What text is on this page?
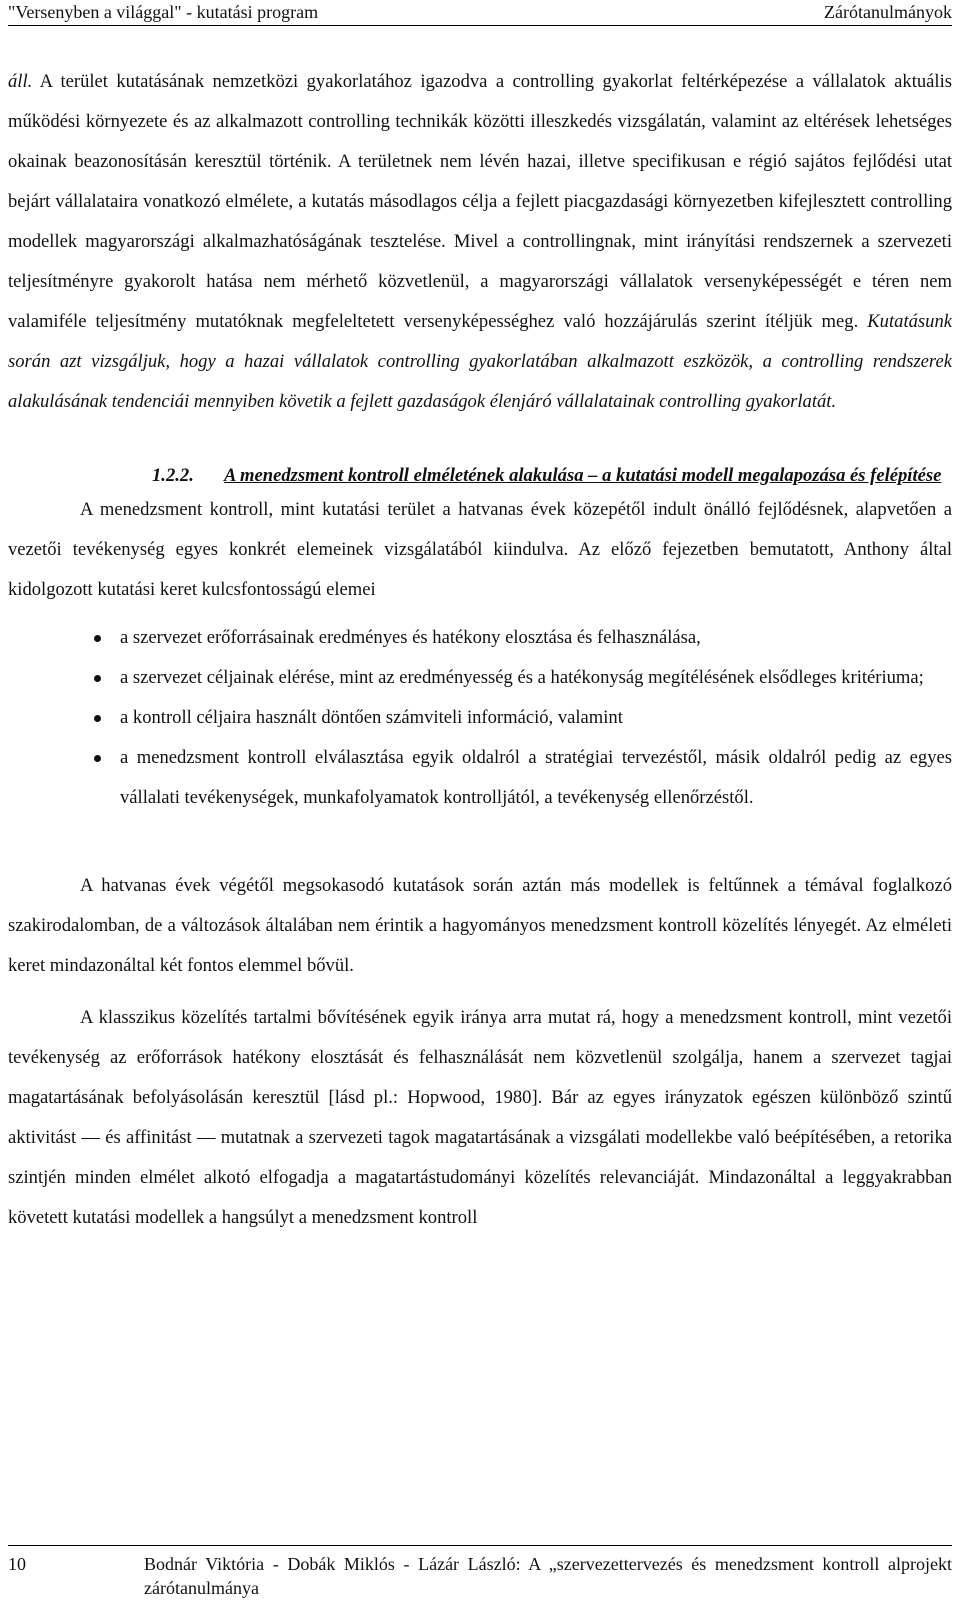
"Versenyben a világgal" - kutatási program	Zárótanulmányok

áll. A terület kutatásának nemzetközi gyakorlatához igazodva a controlling gyakorlat feltérképezése a vállalatok aktuális működési környezete és az alkalmazott controlling technikák közötti illeszkedés vizsgálatán, valamint az eltérések lehetséges okainak beazonosításán keresztül történik. A területnek nem lévén hazai, illetve specifikusan e régió sajátos fejlődési utat bejárt vállalataira vonatkozó elmélete, a kutatás másodlagos célja a fejlett piacgazdasági környezetben kifejlesztett controlling modellek magyarországi alkalmazhatóságának tesztelése. Mivel a controllingnak, mint irányítási rendszernek a szervezeti teljesítményre gyakorolt hatása nem mérhető közvetlenül, a magyarországi vállalatok versenyképességét e téren nem valamiféle teljesítmény mutatóknak megfeleltetett versenyképességhez való hozzájárulás szerint ítéljük meg. Kutatásunk során azt vizsgáljuk, hogy a hazai vállalatok controlling gyakorlatában alkalmazott eszközök, a controlling rendszerek alakulásának tendenciái mennyiben követik a fejlett gazdaságok élenjáró vállalatainak controlling gyakorlatát.

1.2.2. A menedzsment kontroll elméletének alakulása – a kutatási modell megalapozása és felépítése

A menedzsment kontroll, mint kutatási terület a hatvanas évek közepétől indult önálló fejlődésnek, alapvetően a vezetői tevékenység egyes konkrét elemeinek vizsgálatából kiindulva. Az előző fejezetben bemutatott, Anthony által kidolgozott kutatási keret kulcsfontosságú elemei

a szervezet erőforrásainak eredményes és hatékony elosztása és felhasználása,
a szervezet céljainak elérése, mint az eredményesség és a hatékonyság megítélésének elsődleges kritériuma;
a kontroll céljaira használt döntően számviteli információ, valamint
a menedzsment kontroll elválasztása egyik oldalról a stratégiai tervezéstől, másik oldalról pedig az egyes vállalati tevékenységek, munkafolyamatok kontrolljától, a tevékenység ellenőrzéstől.

A hatvanas évek végétől megsokasodó kutatások során aztán más modellek is feltűnnek a témával foglalkozó szakirodalomban, de a változások általában nem érintik a hagyományos menedzsment kontroll közelítés lényegét. Az elméleti keret mindazonáltal két fontos elemmel bővül.

A klasszikus közelítés tartalmi bővítésének egyik iránya arra mutat rá, hogy a menedzsment kontroll, mint vezetői tevékenység az erőforrások hatékony elosztását és felhasználását nem közvetlenül szolgálja, hanem a szervezet tagjai magatartásának befolyásolásán keresztül [lásd pl.: Hopwood, 1980]. Bár az egyes irányzatok egészen különböző szintű aktivitást — és affinitást — mutatnak a szervezeti tagok magatartásának a vizsgálati modellekbe való beépítésében, a retorika szintjén minden elmélet alkotó elfogadja a magatartástudományi közelítés relevanciáját. Mindazonáltal a leggyakrabban követett kutatási modellek a hangsúlyt a menedzsment kontroll

10	Bodnár Viktória - Dobák Miklós - Lázár László: A „szervezettervezés és menedzsment kontroll alprojekt zárótanulmánya
